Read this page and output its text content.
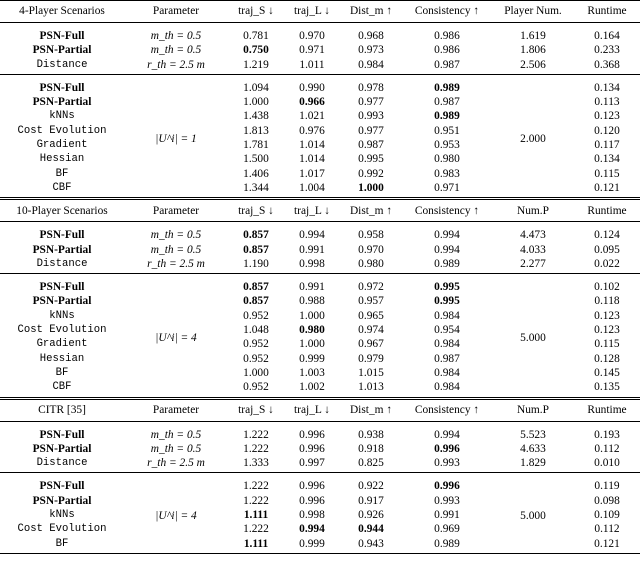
4-Player Scenarios	Parameter	traj_S ↓	traj_L ↓	Dist_m ↑	Consistency ↑	Player Num.	Runtime
PSN-Full	m_th = 0.5	0.781	0.970	0.968	0.986	1.619	0.164
PSN-Partial	m_th = 0.5	0.750	0.971	0.973	0.986	1.806	0.233
Distance	r_th = 2.5 m	1.219	1.011	0.984	0.987	2.506	0.368
PSN-Full	|U^i| = 1	1.094	0.990	0.978	0.989	2.000	0.134
PSN-Partial		1.000	0.966	0.977	0.987		0.113
kNNs		1.438	1.021	0.993	0.989		0.123
Cost Evolution		1.813	0.976	0.977	0.951		0.120
Gradient		1.781	1.014	0.987	0.953		0.117
Hessian		1.500	1.014	0.995	0.980		0.134
BF		1.406	1.017	0.992	0.983		0.115
CBF		1.344	1.004	1.000	0.971		0.121
10-Player Scenarios	Parameter	traj_S ↓	traj_L ↓	Dist_m ↑	Consistency ↑	Num.P	Runtime
PSN-Full	m_th = 0.5	0.857	0.994	0.958	0.994	4.473	0.124
PSN-Partial	m_th = 0.5	0.857	0.991	0.970	0.994	4.033	0.095
Distance	r_th = 2.5 m	1.190	0.998	0.980	0.989	2.277	0.022
PSN-Full	|U^i| = 4	0.857	0.991	0.972	0.995	5.000	0.102
PSN-Partial		0.857	0.988	0.957	0.995		0.118
kNNs		0.952	1.000	0.965	0.984		0.123
Cost Evolution		1.048	0.980	0.974	0.954		0.123
Gradient		0.952	1.000	0.967	0.984		0.115
Hessian		0.952	0.999	0.979	0.987		0.128
BF		1.000	1.003	1.015	0.984		0.145
CBF		0.952	1.002	1.013	0.984		0.135
CITR [35]	Parameter	traj_S ↓	traj_L ↓	Dist_m ↑	Consistency ↑	Num.P	Runtime
PSN-Full	m_th = 0.5	1.222	0.996	0.938	0.994	5.523	0.193
PSN-Partial	m_th = 0.5	1.222	0.996	0.918	0.996	4.633	0.112
Distance	r_th = 2.5 m	1.333	0.997	0.825	0.993	1.829	0.010
PSN-Full	|U^i| = 4	1.222	0.996	0.922	0.996	5.000	0.119
PSN-Partial		1.222	0.996	0.917	0.993		0.098
kNNs		1.111	0.998	0.926	0.991		0.109
Cost Evolution		1.222	0.994	0.944	0.969		0.112
BF		1.111	0.999	0.943	0.989		0.121
